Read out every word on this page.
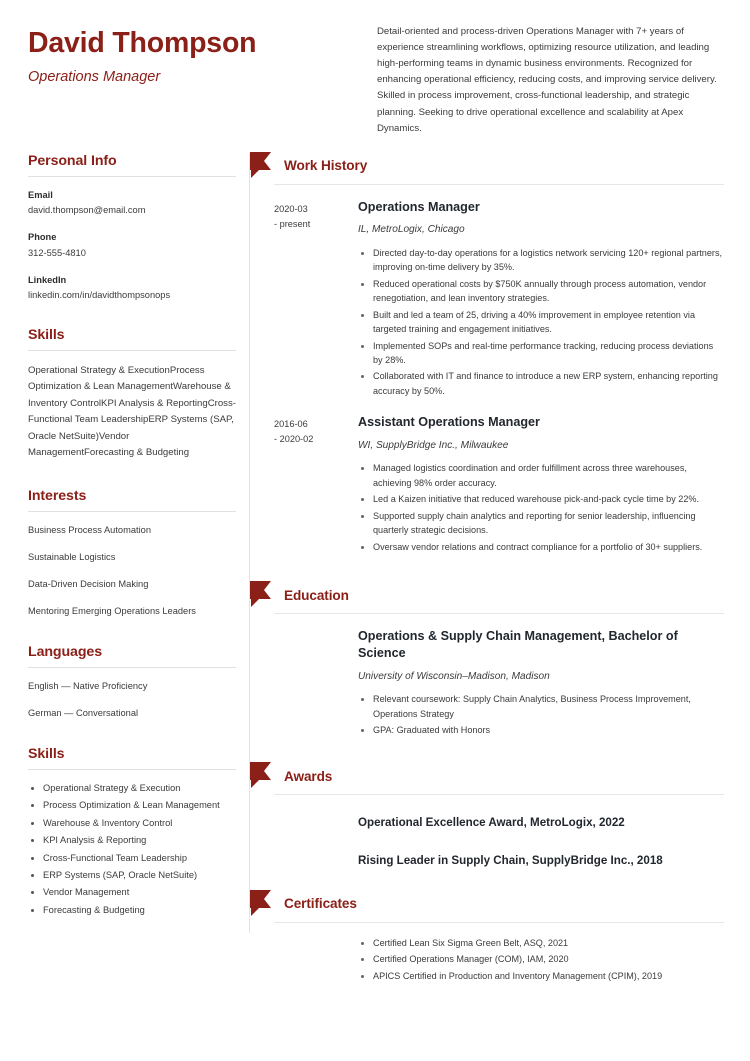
David Thompson
Operations Manager
Detail-oriented and process-driven Operations Manager with 7+ years of experience streamlining workflows, optimizing resource utilization, and leading high-performing teams in dynamic business environments. Recognized for enhancing operational efficiency, reducing costs, and improving service delivery. Skilled in process improvement, cross-functional leadership, and strategic planning. Seeking to drive operational excellence and scalability at Apex Dynamics.
Personal Info
Email
david.thompson@email.com
Phone
312-555-4810
LinkedIn
linkedin.com/in/davidthompsonops
Skills
Operational Strategy & ExecutionProcess Optimization & Lean ManagementWarehouse & Inventory ControlKPI Analysis & ReportingCross-Functional Team LeadershipERP Systems (SAP, Oracle NetSuite)Vendor ManagementForecasting & Budgeting
Interests
Business Process Automation
Sustainable Logistics
Data-Driven Decision Making
Mentoring Emerging Operations Leaders
Languages
English — Native Proficiency
German — Conversational
Skills
• Operational Strategy & Execution
• Process Optimization & Lean Management
• Warehouse & Inventory Control
• KPI Analysis & Reporting
• Cross-Functional Team Leadership
• ERP Systems (SAP, Oracle NetSuite)
• Vendor Management
• Forecasting & Budgeting
Work History
2020-03
- present
Operations Manager
IL, MetroLogix, Chicago
• Directed day-to-day operations for a logistics network servicing 120+ regional partners, improving on-time delivery by 35%.
• Reduced operational costs by $750K annually through process automation, vendor renegotiation, and lean inventory strategies.
• Built and led a team of 25, driving a 40% improvement in employee retention via targeted training and engagement initiatives.
• Implemented SOPs and real-time performance tracking, reducing process deviations by 28%.
• Collaborated with IT and finance to introduce a new ERP system, enhancing reporting accuracy by 50%.
2016-06
- 2020-02
Assistant Operations Manager
WI, SupplyBridge Inc., Milwaukee
• Managed logistics coordination and order fulfillment across three warehouses, achieving 98% order accuracy.
• Led a Kaizen initiative that reduced warehouse pick-and-pack cycle time by 22%.
• Supported supply chain analytics and reporting for senior leadership, influencing quarterly strategic decisions.
• Oversaw vendor relations and contract compliance for a portfolio of 30+ suppliers.
Education
Operations & Supply Chain Management, Bachelor of Science
University of Wisconsin–Madison, Madison
• Relevant coursework: Supply Chain Analytics, Business Process Improvement, Operations Strategy
• GPA: Graduated with Honors
Awards
Operational Excellence Award, MetroLogix, 2022
Rising Leader in Supply Chain, SupplyBridge Inc., 2018
Certificates
• Certified Lean Six Sigma Green Belt, ASQ, 2021
• Certified Operations Manager (COM), IAM, 2020
• APICS Certified in Production and Inventory Management (CPIM), 2019
